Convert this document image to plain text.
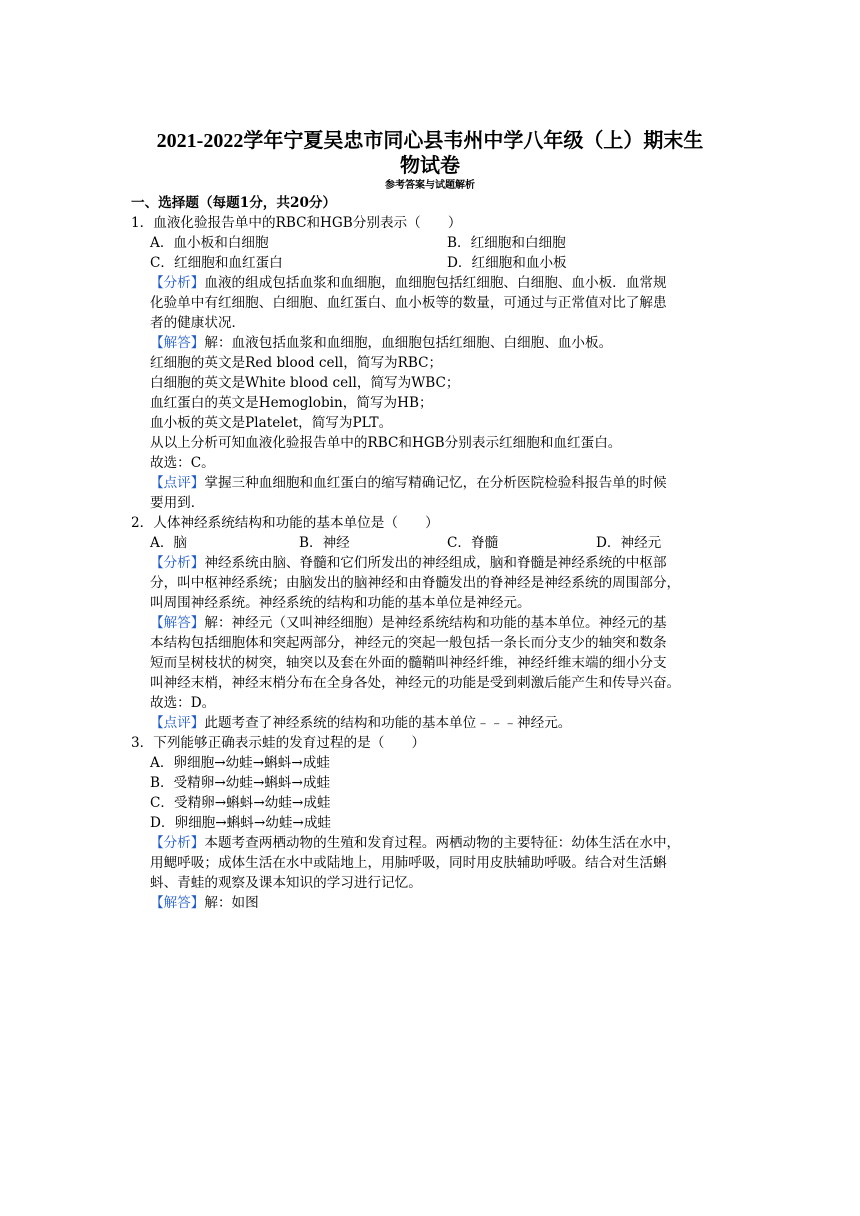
2021-2022学年宁夏吴忠市同心县韦州中学八年级（上）期末生
物试卷
参考答案与试题解析
一、选择题（每题1分，共20分）
1．血液化验报告单中的RBC和HGB分别表示（　　）
A．血小板和白细胞	B．红细胞和白细胞
C．红细胞和血红蛋白	D．红细胞和血小板
【分析】血液的组成包括血浆和血细胞，血细胞包括红细胞、白细胞、血小板．血常规
化验单中有红细胞、白细胞、血红蛋白、血小板等的数量，可通过与正常值对比了解患
者的健康状况．
【解答】解：血液包括血浆和血细胞，血细胞包括红细胞、白细胞、血小板。
红细胞的英文是Red blood cell，简写为RBC；
白细胞的英文是White blood cell，简写为WBC；
血红蛋白的英文是Hemoglobin，简写为HB；
血小板的英文是Platelet，简写为PLT。
从以上分析可知血液化验报告单中的RBC和HGB分别表示红细胞和血红蛋白。
故选：C。
【点评】掌握三种血细胞和血红蛋白的缩写精确记忆，在分析医院检验科报告单的时候
要用到．
2．人体神经系统结构和功能的基本单位是（　　）
A．脑	B．神经	C．脊髓	D．神经元
【分析】神经系统由脑、脊髓和它们所发出的神经组成，脑和脊髓是神经系统的中枢部
分，叫中枢神经系统；由脑发出的脑神经和由脊髓发出的脊神经是神经系统的周围部分，
叫周围神经系统。神经系统的结构和功能的基本单位是神经元。
【解答】解：神经元（又叫神经细胞）是神经系统结构和功能的基本单位。神经元的基
本结构包括细胞体和突起两部分，神经元的突起一般包括一条长而分支少的轴突和数条
短而呈树枝状的树突，轴突以及套在外面的髓鞘叫神经纤维，神经纤维末端的细小分支
叫神经末梢，神经末梢分布在全身各处，神经元的功能是受到刺激后能产生和传导兴奋。
故选：D。
【点评】此题考查了神经系统的结构和功能的基本单位﹣﹣﹣神经元。
3．下列能够正确表示蛙的发育过程的是（　　）
A．卵细胞→幼蛙→蝌蚪→成蛙
B．受精卵→幼蛙→蝌蚪→成蛙
C．受精卵→蝌蚪→幼蛙→成蛙
D．卵细胞→蝌蚪→幼蛙→成蛙
【分析】本题考查两栖动物的生殖和发育过程。两栖动物的主要特征：幼体生活在水中，
用鳃呼吸；成体生活在水中或陆地上，用肺呼吸，同时用皮肤辅助呼吸。结合对生活蝌
蚪、青蛙的观察及课本知识的学习进行记忆。
【解答】解：如图
